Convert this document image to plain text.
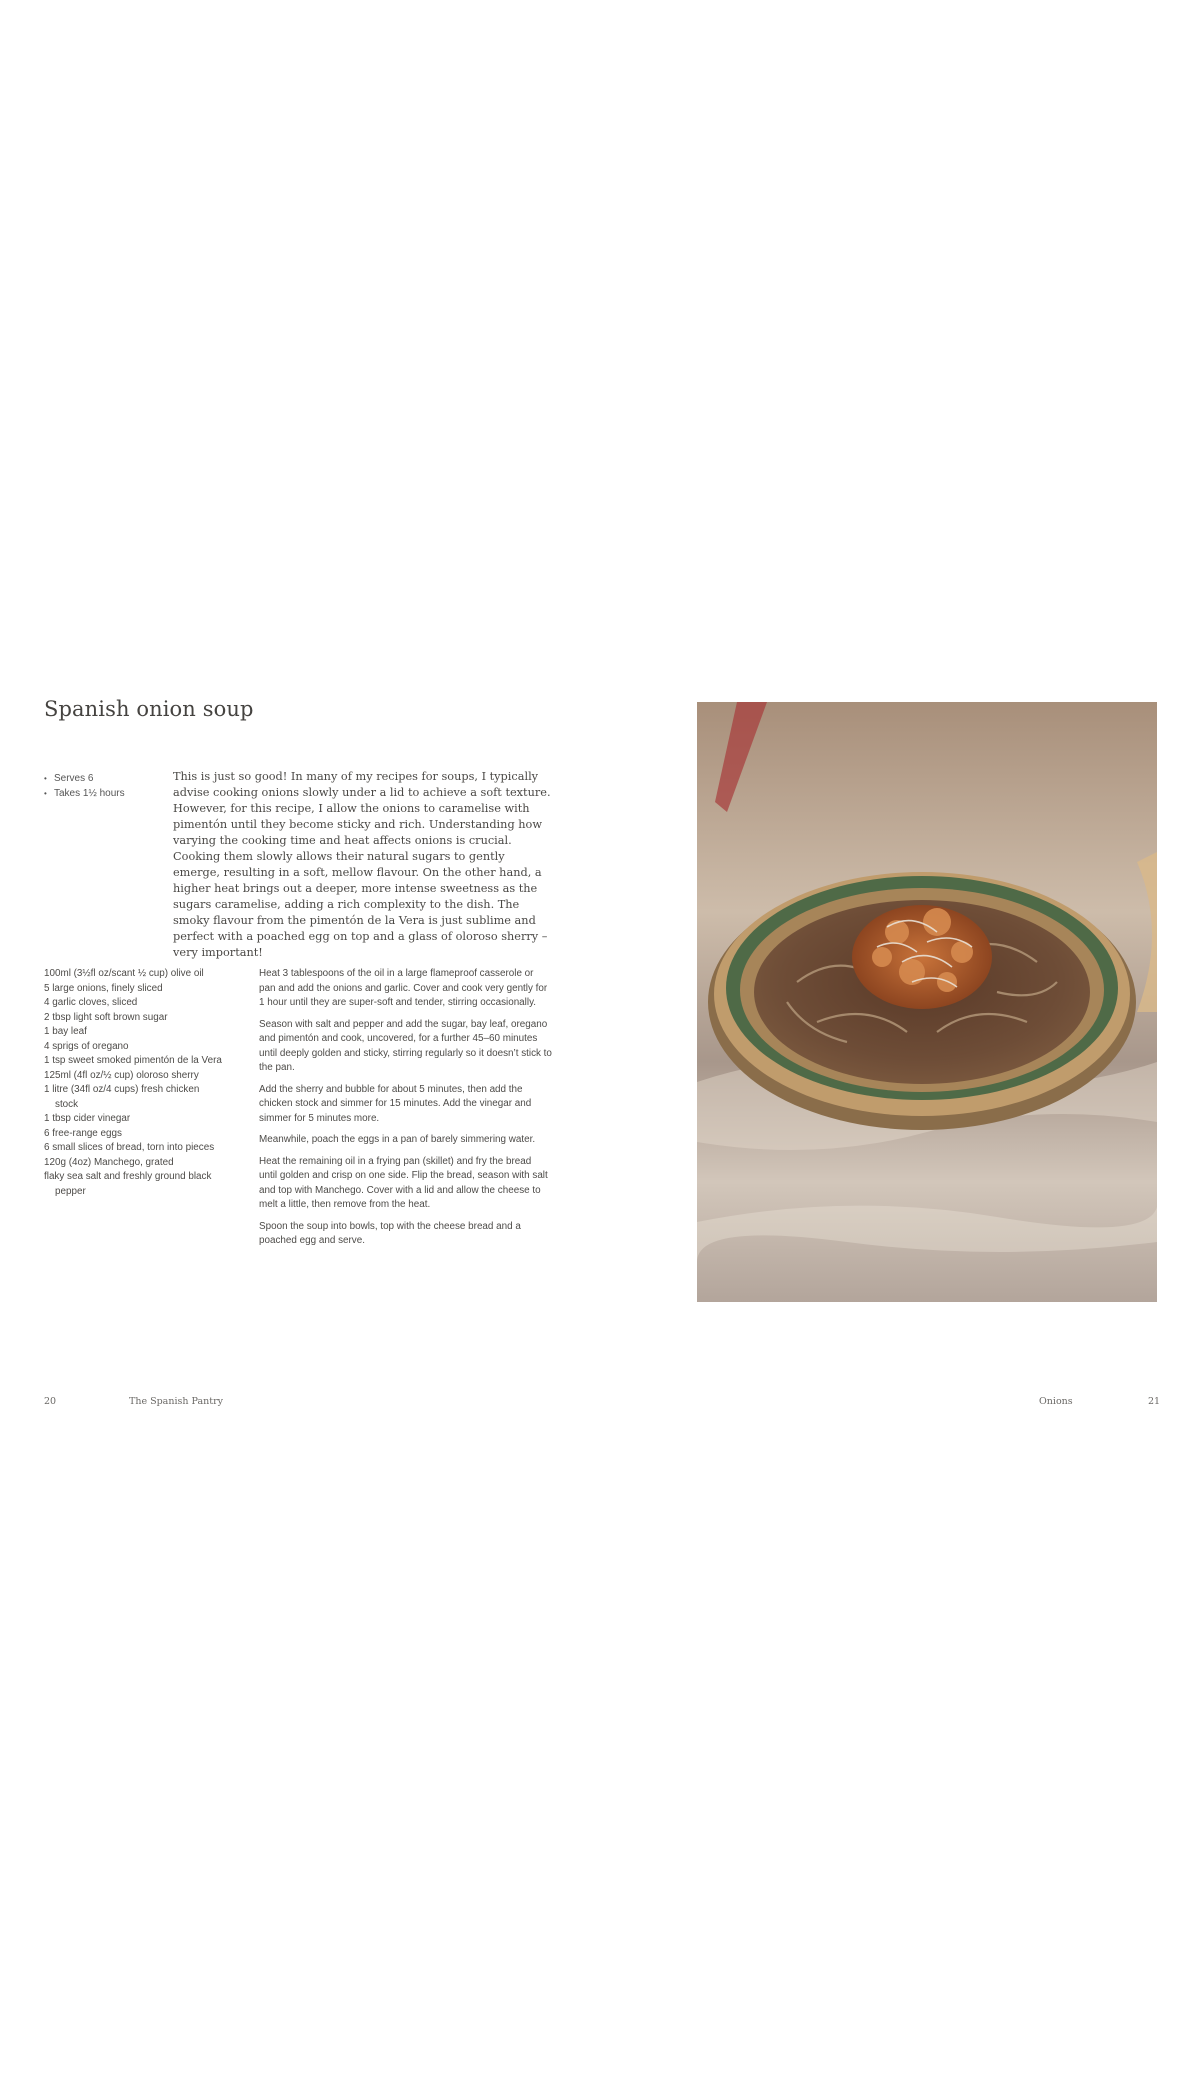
Spanish onion soup
• Serves 6
• Takes 1½ hours

This is just so good! In many of my recipes for soups, I typically advise cooking onions slowly under a lid to achieve a soft texture. However, for this recipe, I allow the onions to caramelise with pimentón until they become sticky and rich. Understanding how varying the cooking time and heat affects onions is crucial. Cooking them slowly allows their natural sugars to gently emerge, resulting in a soft, mellow flavour. On the other hand, a higher heat brings out a deeper, more intense sweetness as the sugars caramelise, adding a rich complexity to the dish. The smoky flavour from the pimentón de la Vera is just sublime and perfect with a poached egg on top and a glass of oloroso sherry – very important!

100ml (3½fl oz/scant ½ cup) olive oil
5 large onions, finely sliced
4 garlic cloves, sliced
2 tbsp light soft brown sugar
1 bay leaf
4 sprigs of oregano
1 tsp sweet smoked pimentón de la Vera
125ml (4fl oz/½ cup) oloroso sherry
1 litre (34fl oz/4 cups) fresh chicken stock
1 tbsp cider vinegar
6 free-range eggs
6 small slices of bread, torn into pieces
120g (4oz) Manchego, grated
flaky sea salt and freshly ground black pepper

Heat 3 tablespoons of the oil in a large flameproof casserole or pan and add the onions and garlic. Cover and cook very gently for 1 hour until they are super-soft and tender, stirring occasionally.

Season with salt and pepper and add the sugar, bay leaf, oregano and pimentón and cook, uncovered, for a further 45–60 minutes until deeply golden and sticky, stirring regularly so it doesn’t stick to the pan.

Add the sherry and bubble for about 5 minutes, then add the chicken stock and simmer for 15 minutes. Add the vinegar and simmer for 5 minutes more.

Meanwhile, poach the eggs in a pan of barely simmering water.

Heat the remaining oil in a frying pan (skillet) and fry the bread until golden and crisp on one side. Flip the bread, season with salt and top with Manchego. Cover with a lid and allow the cheese to melt a little, then remove from the heat.

Spoon the soup into bowls, top with the cheese bread and a poached egg and serve.

20	The Spanish Pantry	Onions	21
